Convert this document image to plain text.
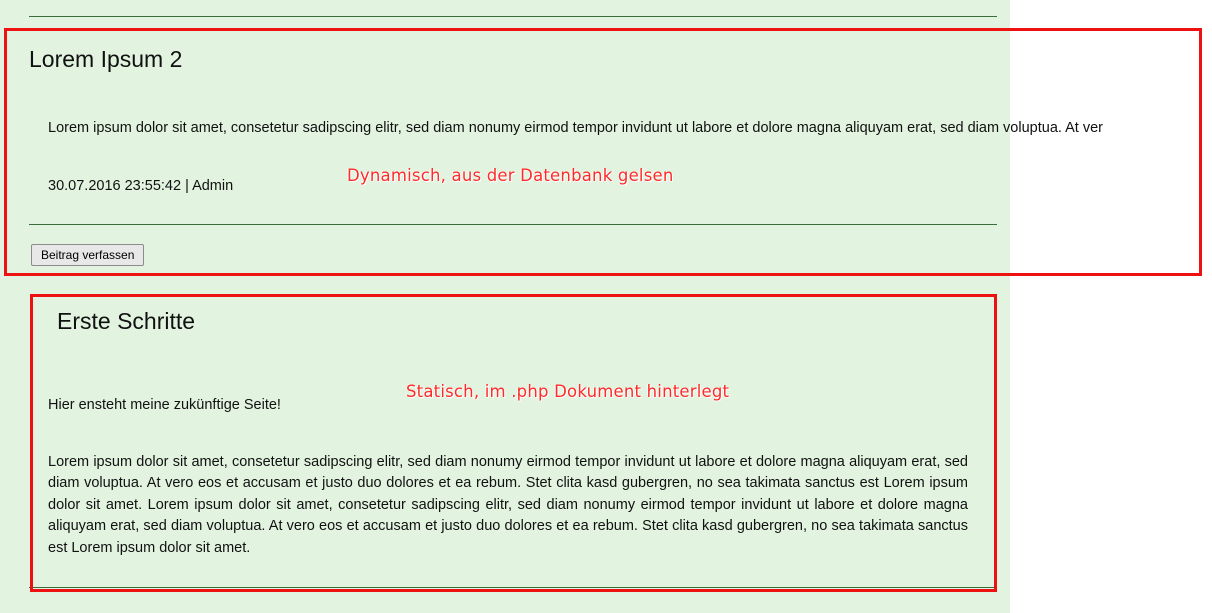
Lorem Ipsum 2
Lorem ipsum dolor sit amet, consetetur sadipscing elitr, sed diam nonumy eirmod tempor invidunt ut labore et dolore magna aliquyam erat, sed diam voluptua. At ver
30.07.2016 23:55:42 | Admin
Beitrag verfassen
Erste Schritte
Hier ensteht meine zukünftige Seite!
Lorem ipsum dolor sit amet, consetetur sadipscing elitr, sed diam nonumy eirmod tempor invidunt ut labore et dolore magna aliquyam erat, sed diam voluptua. At vero eos et accusam et justo duo dolores et ea rebum. Stet clita kasd gubergren, no sea takimata sanctus est Lorem ipsum dolor sit amet. Lorem ipsum dolor sit amet, consetetur sadipscing elitr, sed diam nonumy eirmod tempor invidunt ut labore et dolore magna aliquyam erat, sed diam voluptua. At vero eos et accusam et justo duo dolores et ea rebum. Stet clita kasd gubergren, no sea takimata sanctus est Lorem ipsum dolor sit amet.
Dynamisch, aus der Datenbank gelsen
Statisch, im .php Dokument hinterlegt
